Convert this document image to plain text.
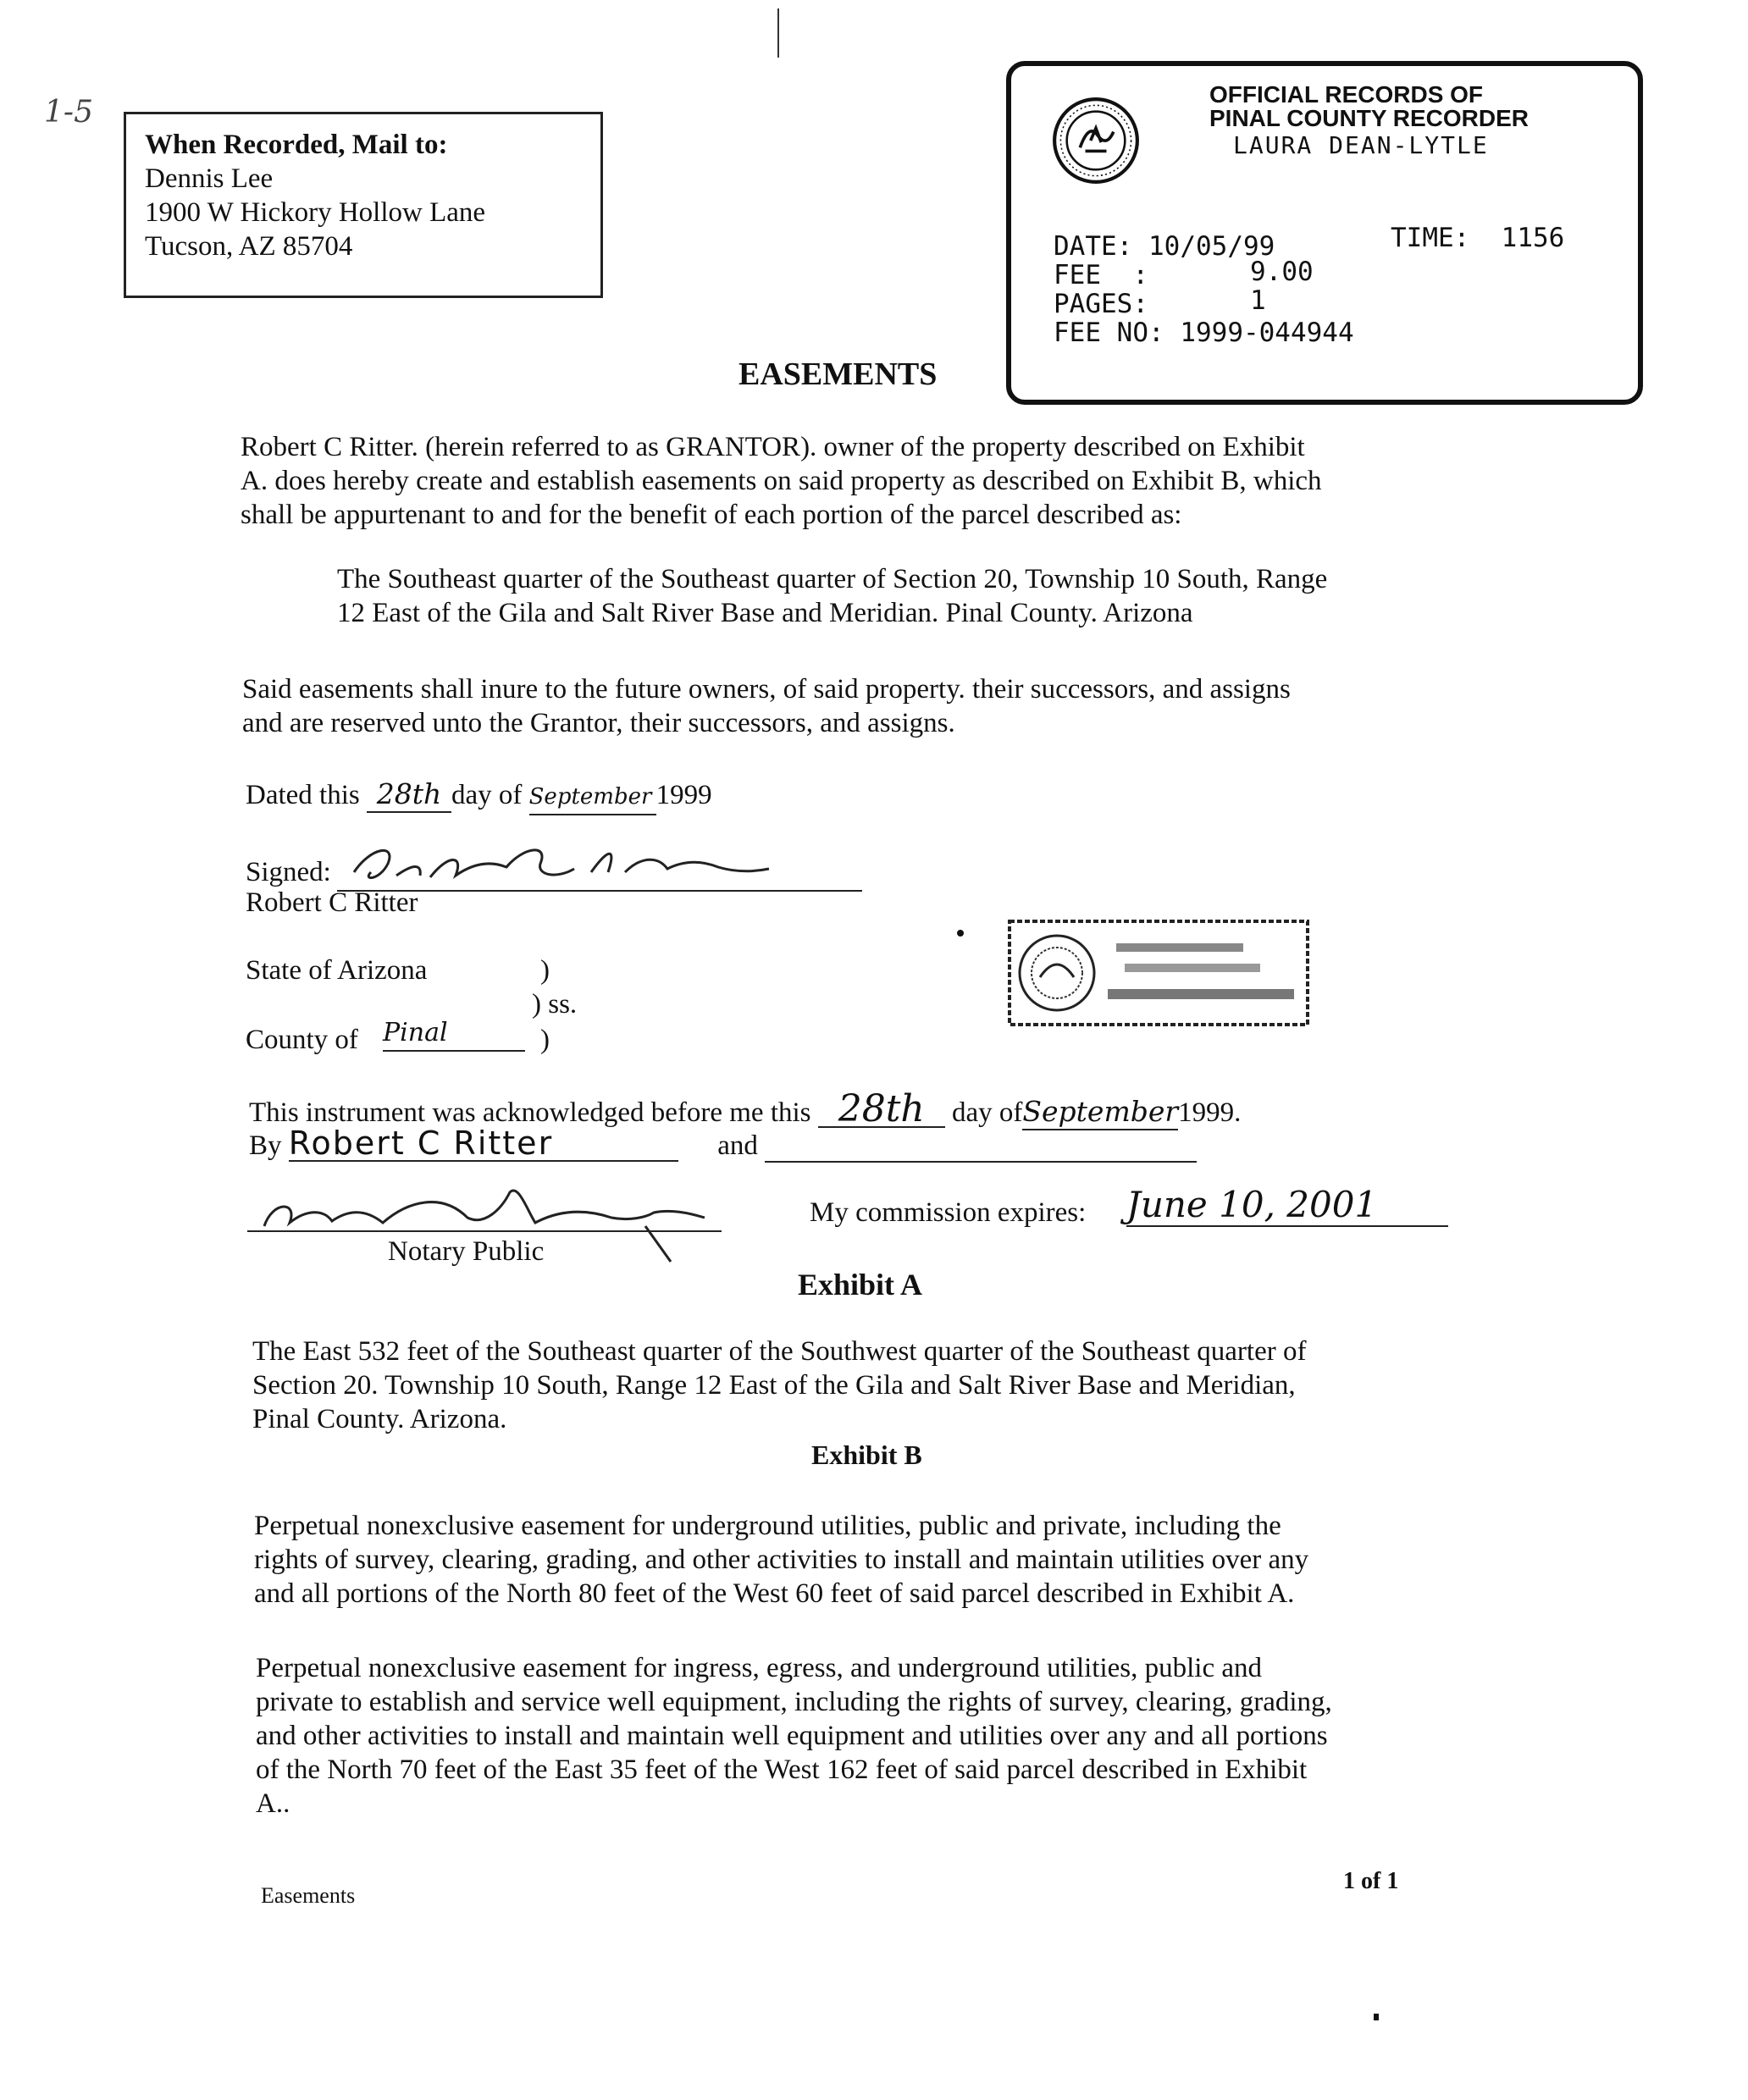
1-5
When Recorded, Mail to:
Dennis Lee
1900 W Hickory Hollow Lane
Tucson, AZ 85704
OFFICIAL RECORDS OF
PINAL COUNTY RECORDER
LAURA DEAN-LYTLE
DATE: 10/05/99	TIME: 1156
FEE  :	9.00
PAGES:	1
FEE NO: 1999-044944
EASEMENTS
Robert C Ritter. (herein referred to as GRANTOR). owner of the property described on Exhibit
A. does hereby create and establish easements on said property as described on Exhibit B, which
shall be appurtenant to and for the benefit of each portion of the parcel described as:
The Southeast quarter of the Southeast quarter of Section 20, Township 10 South, Range
12 East of the Gila and Salt River Base and Meridian. Pinal County. Arizona
Said easements shall inure to the future owners, of said property. their successors, and assigns
and are reserved unto the Grantor, their successors, and assigns.
Dated this 28th day of September 1999
Signed:
Robert C Ritter
State of Arizona	)
) ss.
County of Pinal	)
This instrument was acknowledged before me this 28th day ofSeptember1999.
By Robert C Ritter	and
Notary Public
My commission expires: June 10, 2001
Exhibit A
The East 532 feet of the Southeast quarter of the Southwest quarter of the Southeast quarter of
Section 20. Township 10 South, Range 12 East of the Gila and Salt River Base and Meridian,
Pinal County. Arizona.
Exhibit B
Perpetual nonexclusive easement for underground utilities, public and private, including the
rights of survey, clearing, grading, and other activities to install and maintain utilities over any
and all portions of the North 80 feet of the West 60 feet of said parcel described in Exhibit A.
Perpetual nonexclusive easement for ingress, egress, and underground utilities, public and
private to establish and service well equipment, including the rights of survey, clearing, grading,
and other activities to install and maintain well equipment and utilities over any and all portions
of the North 70 feet of the East 35 feet of the West 162 feet of said parcel described in Exhibit
A..
Easements
1 of 1
